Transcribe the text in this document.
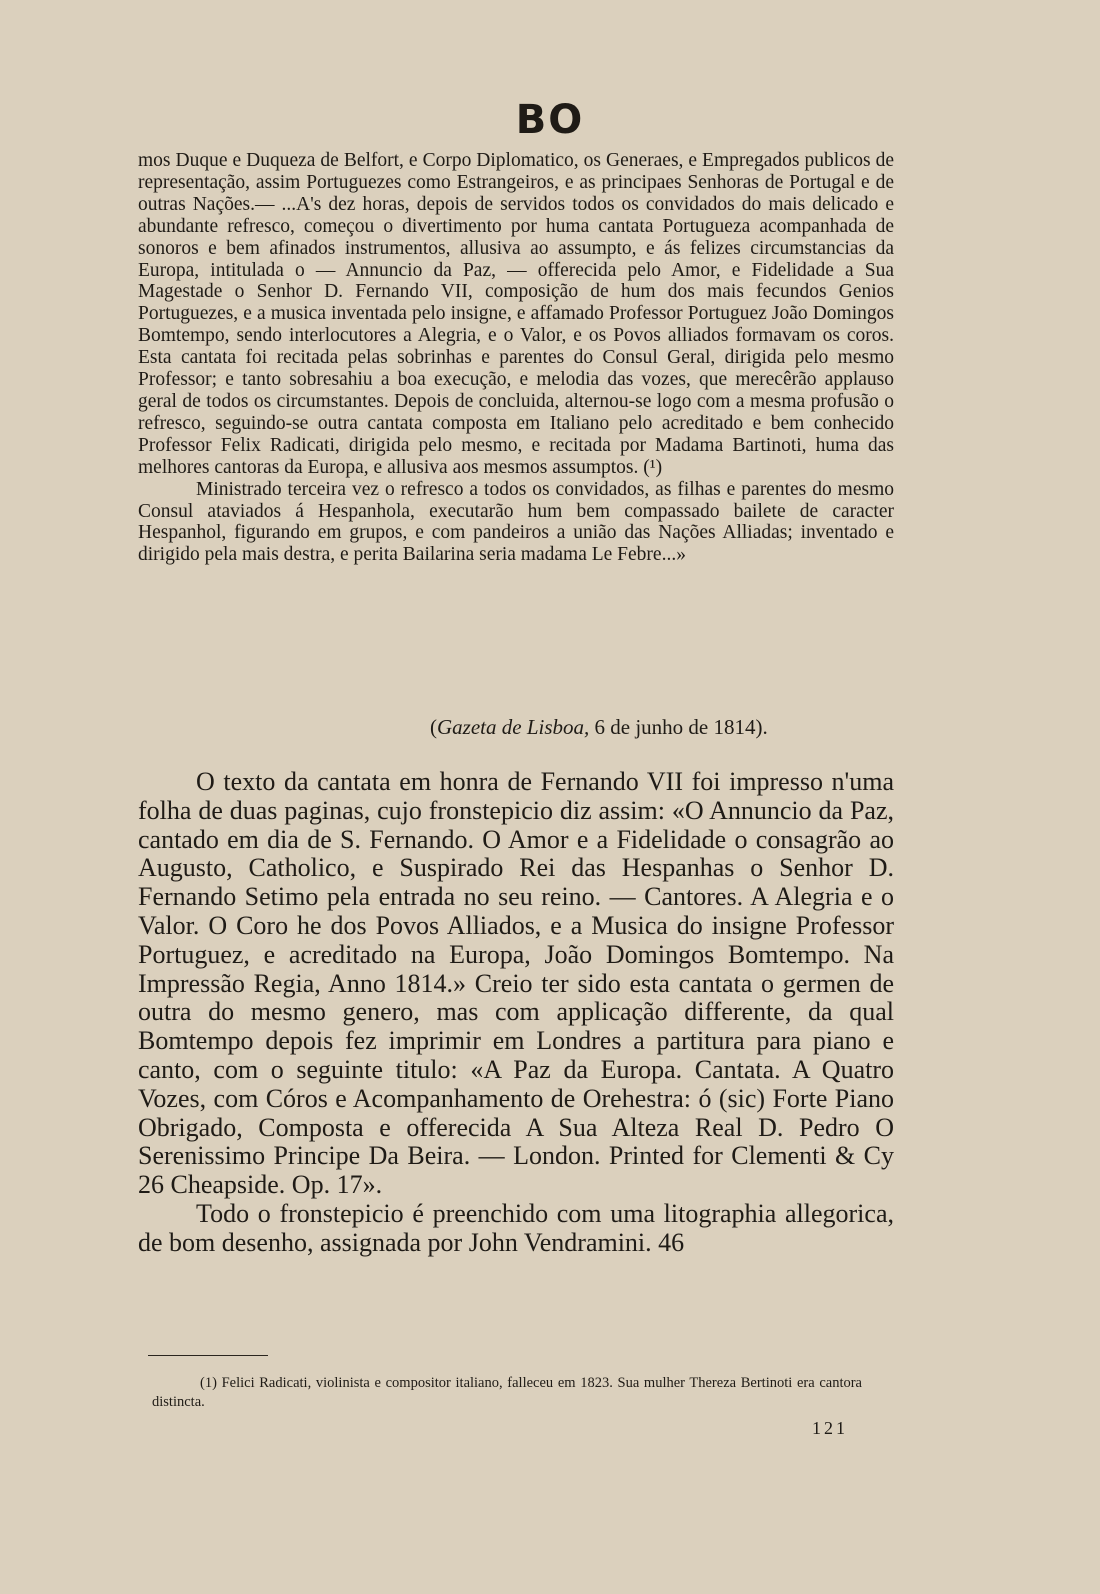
BO

mos Duque e Duqueza de Belfort, e Corpo Diplomatico, os Generaes, e Empregados publicos de representação, assim Portuguezes como Estrangeiros, e as principaes Senhoras de Portugal e de outras Nações.— ...A's dez horas, depois de servidos todos os convidados do mais delicado e abundante refresco, começou o divertimento por huma cantata Portugueza acompanhada de sonoros e bem afinados instrumentos, allusiva ao assumpto, e ás felizes circumstancias da Europa, intitulada o — Annuncio da Paz, — offerecida pelo Amor, e Fidelidade a Sua Magestade o Senhor D. Fernando VII, composição de hum dos mais fecundos Genios Portuguezes, e a musica inventada pelo insigne, e affamado Professor Portuguez João Domingos Bomtempo, sendo interlocutores a Alegria, e o Valor, e os Povos alliados formavam os coros. Esta cantata foi recitada pelas sobrinhas e parentes do Consul Geral, dirigida pelo mesmo Professor; e tanto sobresahiu a boa execução, e melodia das vozes, que merecêrão applauso geral de todos os circumstantes. Depois de concluida, alternou-se logo com a mesma profusão o refresco, seguindo-se outra cantata composta em Italiano pelo acreditado e bem conhecido Professor Felix Radicati, dirigida pelo mesmo, e recitada por Madama Bartinoti, huma das melhores cantoras da Europa, e allusiva aos mesmos assumptos. (¹)

Ministrado terceira vez o refresco a todos os convidados, as filhas e parentes do mesmo Consul ataviados á Hespanhola, executarão hum bem compassado bailete de caracter Hespanhol, figurando em grupos, e com pandeiros a união das Nações Alliadas; inventado e dirigido pela mais destra, e perita Bailarina seria madama Le Febre...»

(Gazeta de Lisboa, 6 de junho de 1814).

O texto da cantata em honra de Fernando VII foi impresso n'uma folha de duas paginas, cujo fronstepicio diz assim: «O Annuncio da Paz, cantado em dia de S. Fernando. O Amor e a Fidelidade o consagrão ao Augusto, Catholico, e Suspirado Rei das Hespanhas o Senhor D. Fernando Setimo pela entrada no seu reino. — Cantores. A Alegria e o Valor. O Coro he dos Povos Alliados, e a Musica do insigne Professor Portuguez, e acreditado na Europa, João Domingos Bomtempo. Na Impressão Regia, Anno 1814.» Creio ter sido esta cantata o germen de outra do mesmo genero, mas com applicação differente, da qual Bomtempo depois fez imprimir em Londres a partitura para piano e canto, com o seguinte titulo: «A Paz da Europa. Cantata. A Quatro Vozes, com Córos e Acompanhamento de Orehestra: ó (sic) Forte Piano Obrigado, Composta e offerecida A Sua Alteza Real D. Pedro O Serenissimo Principe Da Beira. — London. Printed for Clementi & Cy 26 Cheapside. Op. 17».

Todo o fronstepicio é preenchido com uma litographia allegorica, de bom desenho, assignada por John Vendramini. 46

(1) Felici Radicati, violinista e compositor italiano, falleceu em 1823. Sua mulher Thereza Bertinoti era cantora distincta.

121
